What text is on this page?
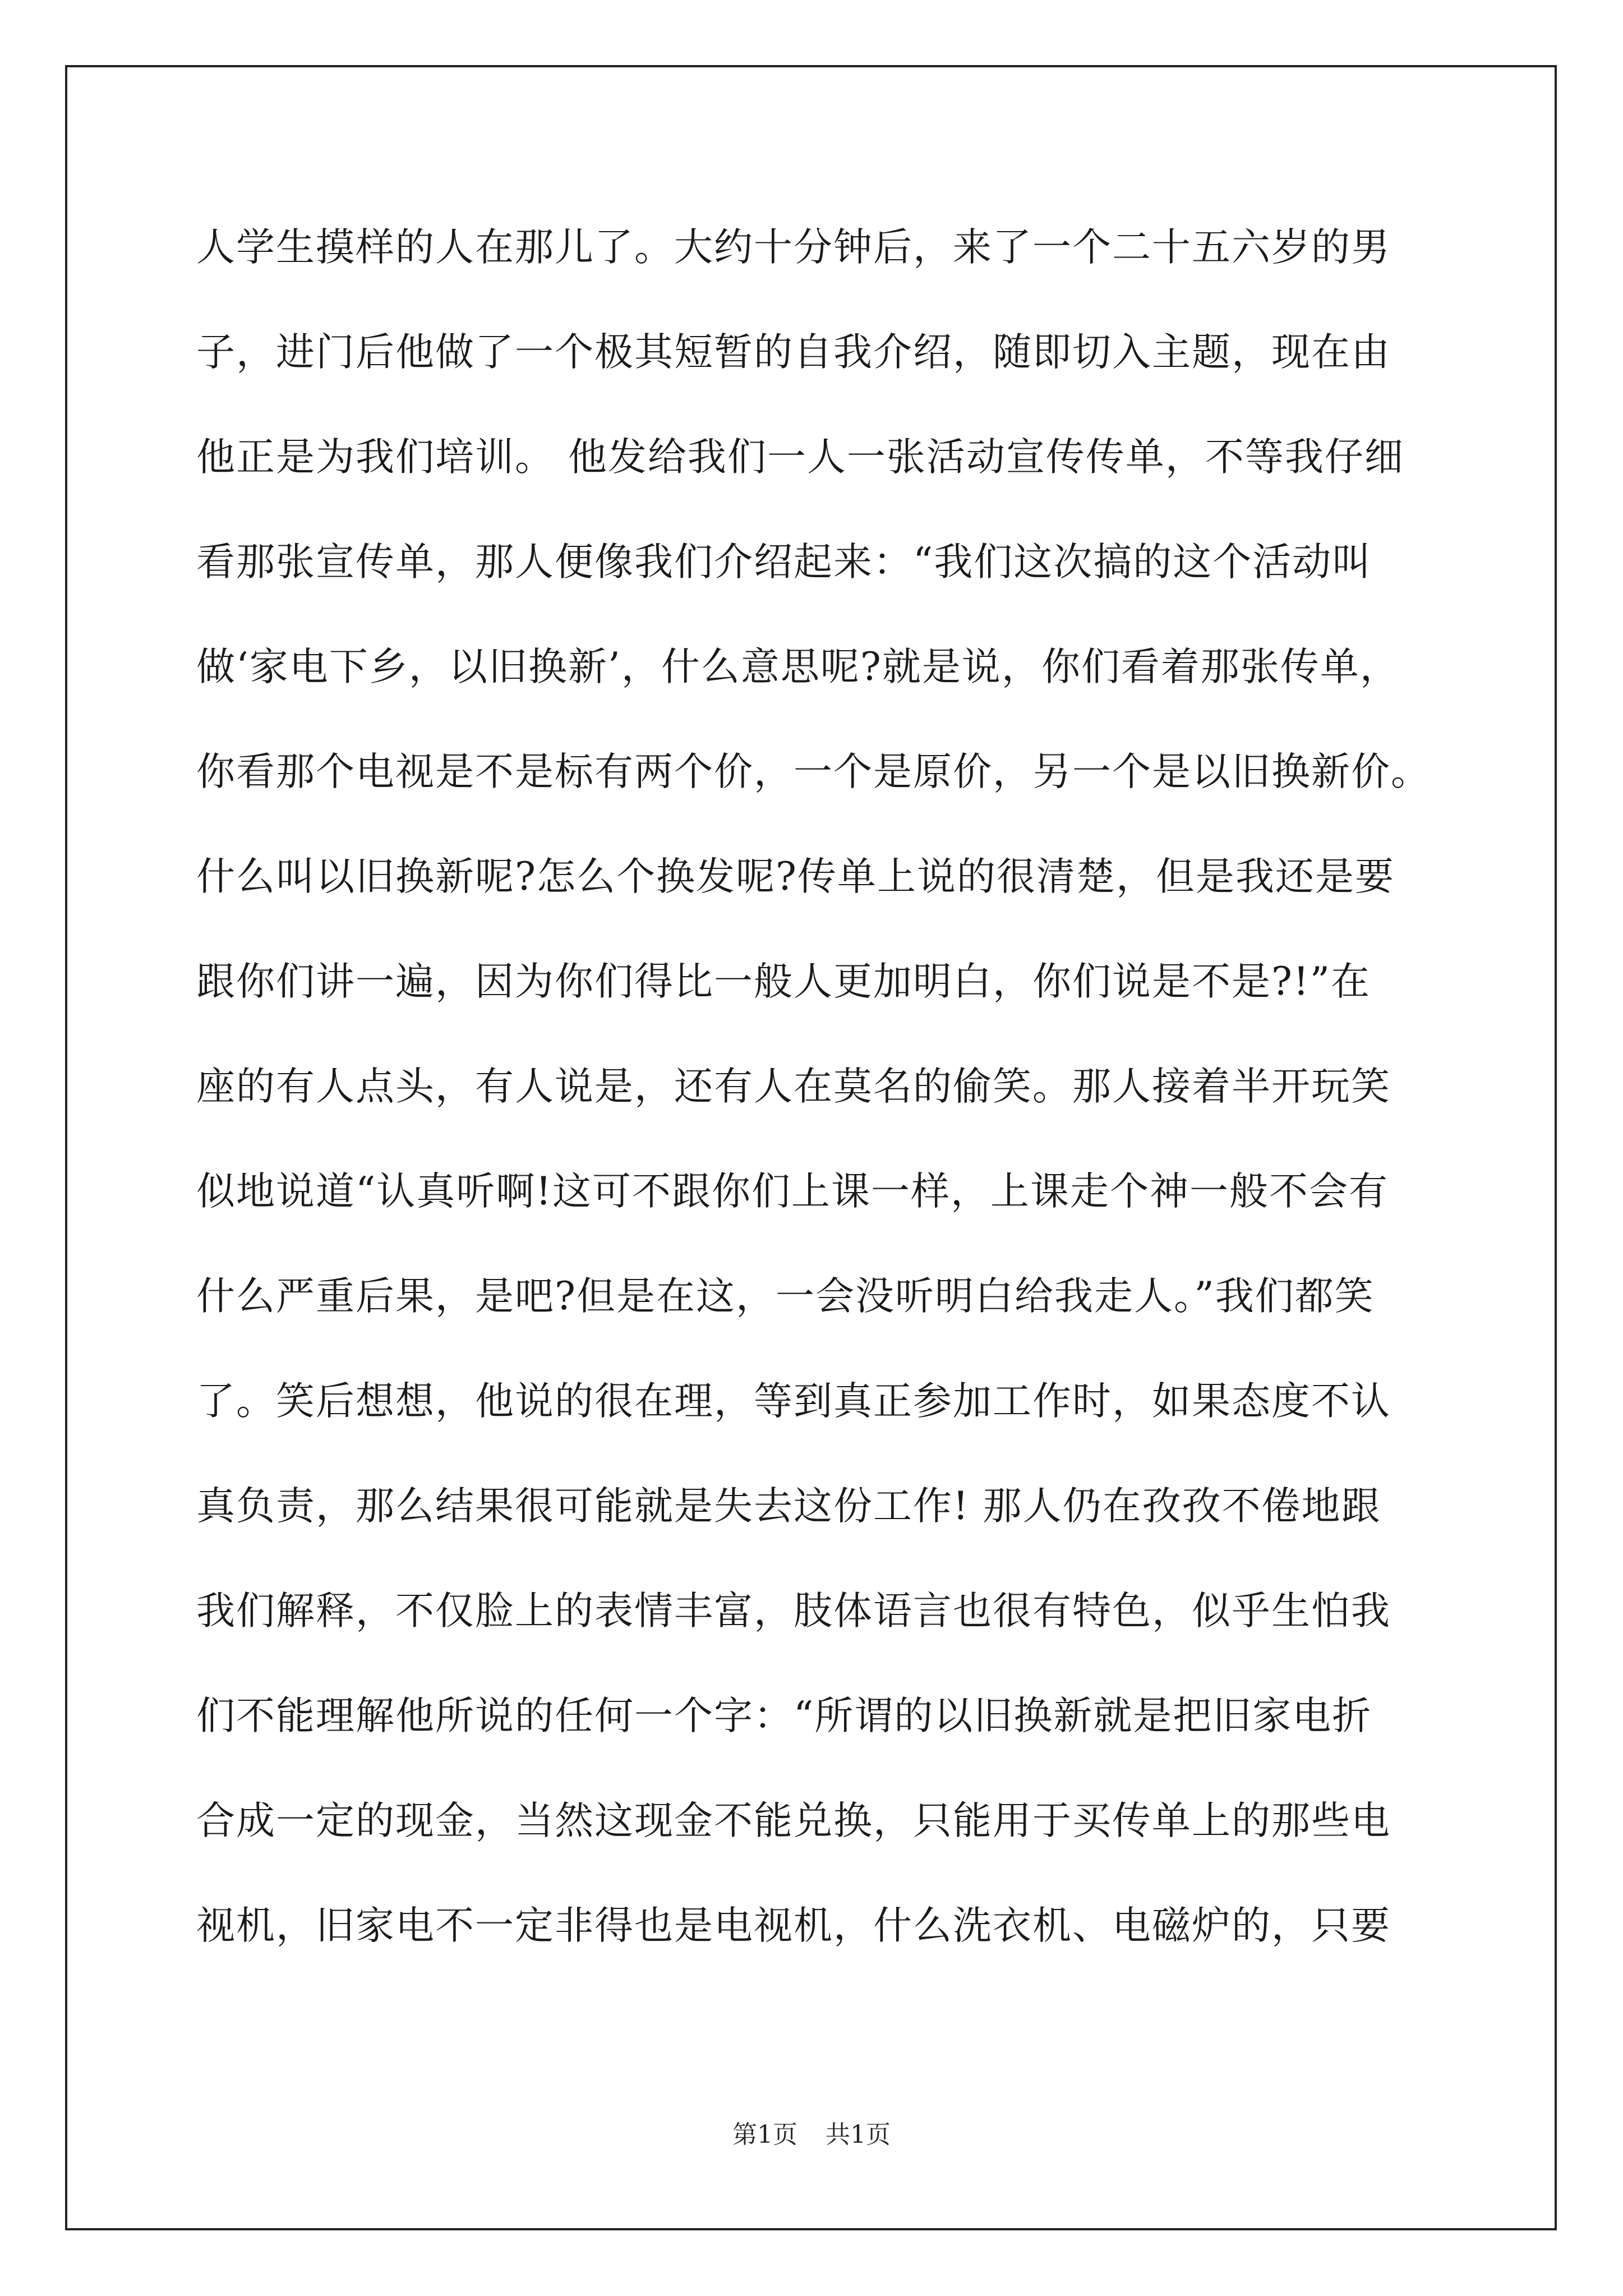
人学生摸样的人在那儿了。大约十分钟后，来了一个二十五六岁的男
子，进门后他做了一个极其短暂的自我介绍，随即切入主题，现在由
他正是为我们培训。 他发给我们一人一张活动宣传传单，不等我仔细
看那张宣传单，那人便像我们介绍起来：“我们这次搞的这个活动叫
做‘家电下乡，以旧换新’，什么意思呢?就是说，你们看着那张传单，
你看那个电视是不是标有两个价，一个是原价，另一个是以旧换新价。
什么叫以旧换新呢?怎么个换发呢?传单上说的很清楚，但是我还是要
跟你们讲一遍，因为你们得比一般人更加明白，你们说是不是?!”在
座的有人点头，有人说是，还有人在莫名的偷笑。那人接着半开玩笑
似地说道“认真听啊!这可不跟你们上课一样，上课走个神一般不会有
什么严重后果，是吧?但是在这，一会没听明白给我走人。”我们都笑
了。笑后想想，他说的很在理，等到真正参加工作时，如果态度不认
真负责，那么结果很可能就是失去这份工作! 那人仍在孜孜不倦地跟
我们解释，不仅脸上的表情丰富，肢体语言也很有特色，似乎生怕我
们不能理解他所说的任何一个字：“所谓的以旧换新就是把旧家电折
合成一定的现金，当然这现金不能兑换，只能用于买传单上的那些电
视机，旧家电不一定非得也是电视机，什么洗衣机、电磁炉的，只要
第1页 共1页
